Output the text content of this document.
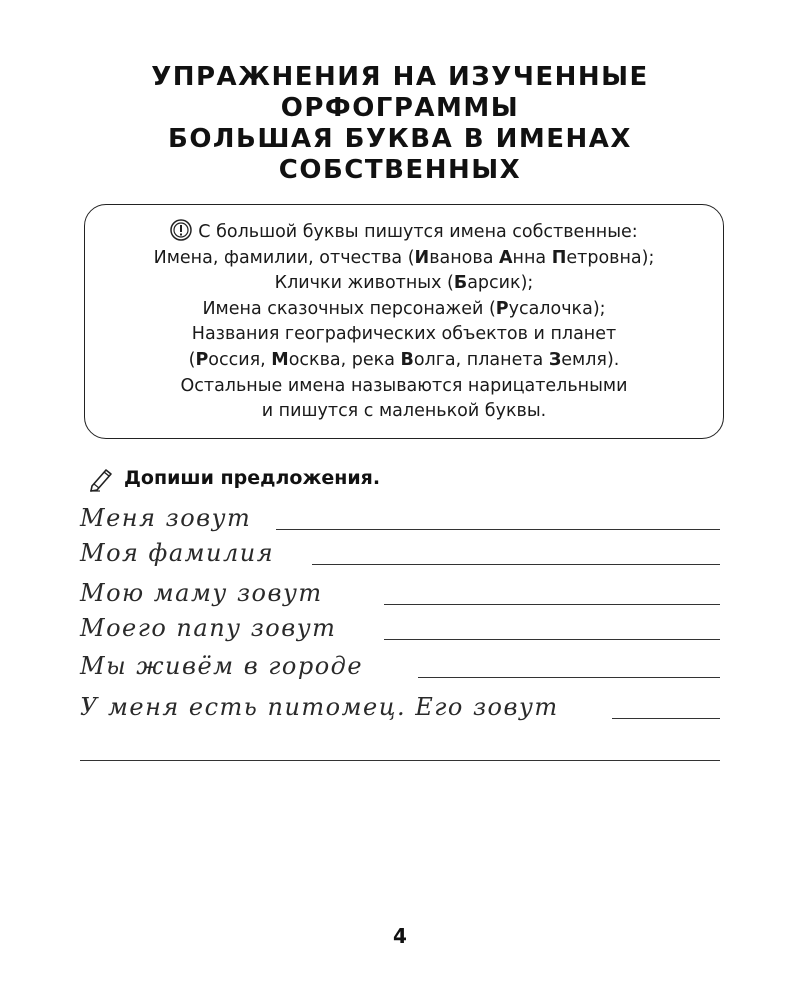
УПРАЖНЕНИЯ НА ИЗУЧЕННЫЕ
ОРФОГРАММЫ
БОЛЬШАЯ БУКВА В ИМЕНАХ
СОБСТВЕННЫХ
С большой буквы пишутся имена собственные:
Имена, фамилии, отчества (Иванова Анна Петровна);
Клички животных (Барсик);
Имена сказочных персонажей (Русалочка);
Названия географических объектов и планет
(Россия, Москва, река Волга, планета Земля).
Остальные имена называются нарицательными
и пишутся с маленькой буквы.
Допиши предложения.
Меня зовут
Моя фамилия
Мою маму зовут
Моего папу зовут
Мы живём в городе
У меня есть питомец. Его зовут
4
